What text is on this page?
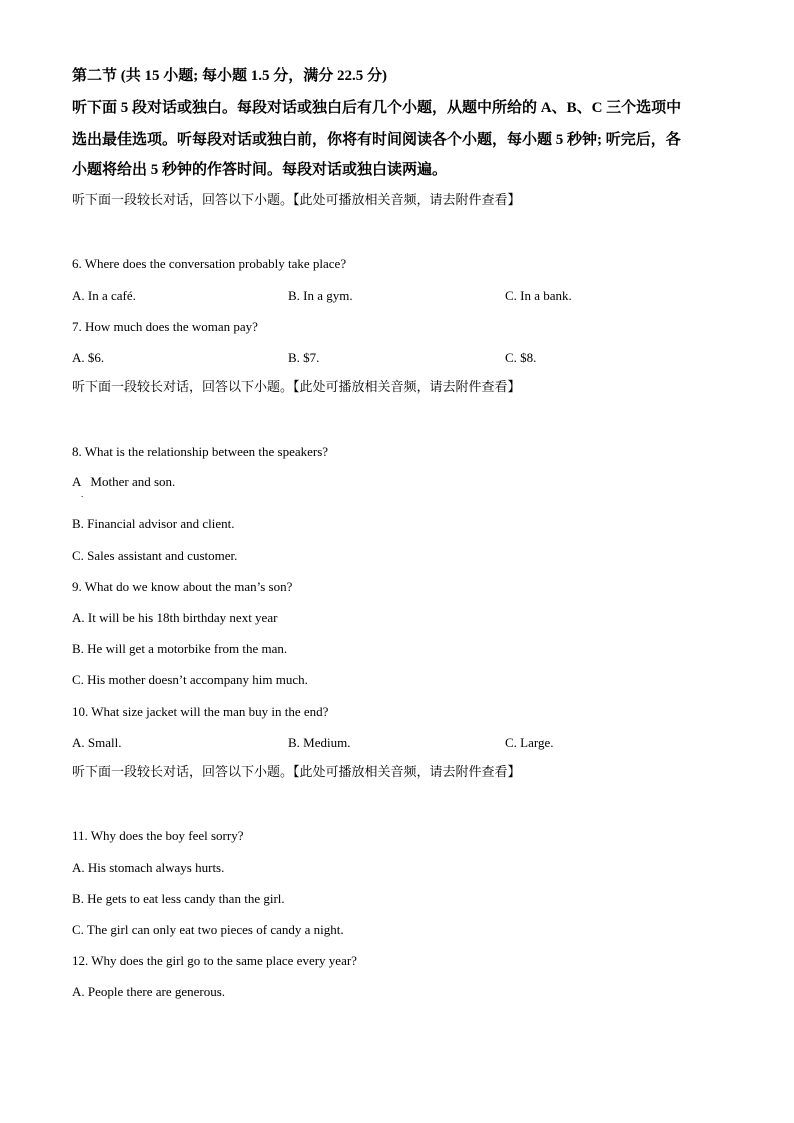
第二节 (共 15 小题; 每小题 1.5 分，满分 22.5 分)
听下面 5 段对话或独白。每段对话或独白后有几个小题，从题中所给的 A、B、C 三个选项中
选出最佳选项。听每段对话或独白前，你将有时间阅读各个小题，每小题 5 秒钟; 听完后，各
小题将给出 5 秒钟的作答时间。每段对话或独白读两遍。
听下面一段较长对话，回答以下小题。【此处可播放相关音频，请去附件查看】
6. Where does the conversation probably take place?
A. In a café.	B. In a gym.	C. In a bank.
7. How much does the woman pay?
A. $6.	B. $7.	C. $8.
听下面一段较长对话，回答以下小题。【此处可播放相关音频，请去附件查看】
8. What is the relationship between the speakers?
A   Mother and son.
.
B. Financial advisor and client.
C. Sales assistant and customer.
9. What do we know about the man’s son?
A. It will be his 18th birthday next year
B. He will get a motorbike from the man.
C. His mother doesn’t accompany him much.
10. What size jacket will the man buy in the end?
A. Small.	B. Medium.	C. Large.
听下面一段较长对话，回答以下小题。【此处可播放相关音频，请去附件查看】
11. Why does the boy feel sorry?
A. His stomach always hurts.
B. He gets to eat less candy than the girl.
C. The girl can only eat two pieces of candy a night.
12. Why does the girl go to the same place every year?
A. People there are generous.
